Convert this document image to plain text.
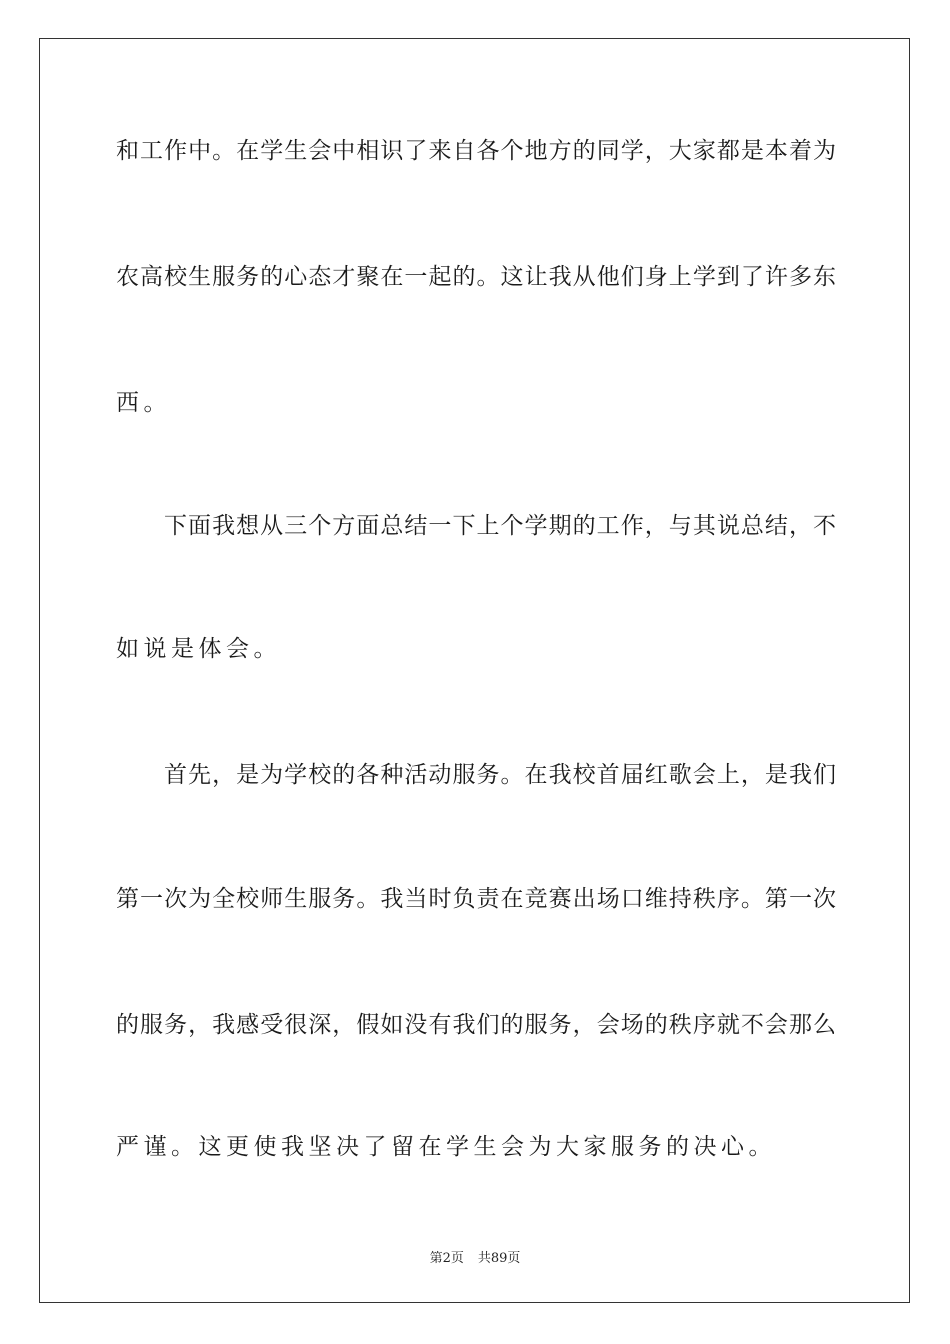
和工作中。在学生会中相识了来自各个地方的同学，大家都是本着为
农高校生服务的心态才聚在一起的。这让我从他们身上学到了许多东
西。
下面我想从三个方面总结一下上个学期的工作，与其说总结，不
如说是体会。
首先，是为学校的各种活动服务。在我校首届红歌会上，是我们
第一次为全校师生服务。我当时负责在竞赛出场口维持秩序。第一次
的服务，我感受很深，假如没有我们的服务，会场的秩序就不会那么
严谨。这更使我坚决了留在学生会为大家服务的决心。
第2页 共89页
